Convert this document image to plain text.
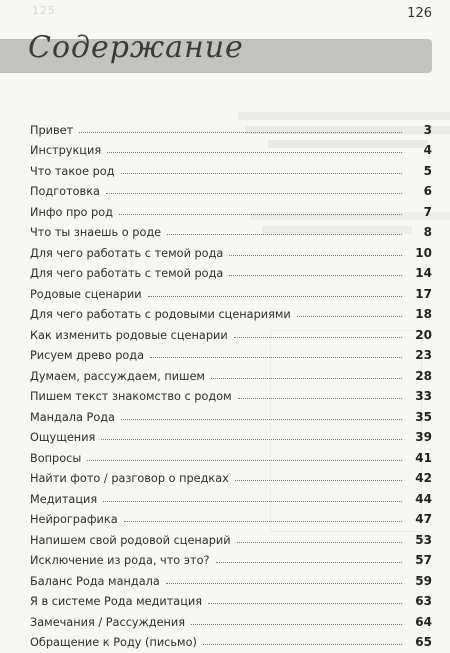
125	126
Содержание
Привет	3
Инструкция	4
Что такое род	5
Подготовка	6
Инфо про род	7
Что ты знаешь о роде	8
Для чего работать с темой рода	10
Для чего работать с темой рода	14
Родовые сценарии	17
Для чего работать с родовыми сценариями	18
Как изменить родовые сценарии	20
Рисуем древо рода	23
Думаем, рассуждаем, пишем	28
Пишем текст знакомство с родом	33
Мандала Рода	35
Ощущения	39
Вопросы	41
Найти фото / разговор о предках	42
Медитация	44
Нейрографика	47
Напишем свой родовой сценарий	53
Исключение из рода, что это?	57
Баланс Рода мандала	59
Я в системе Рода медитация	63
Замечания / Рассуждения	64
Обращение к Роду (письмо)	65
